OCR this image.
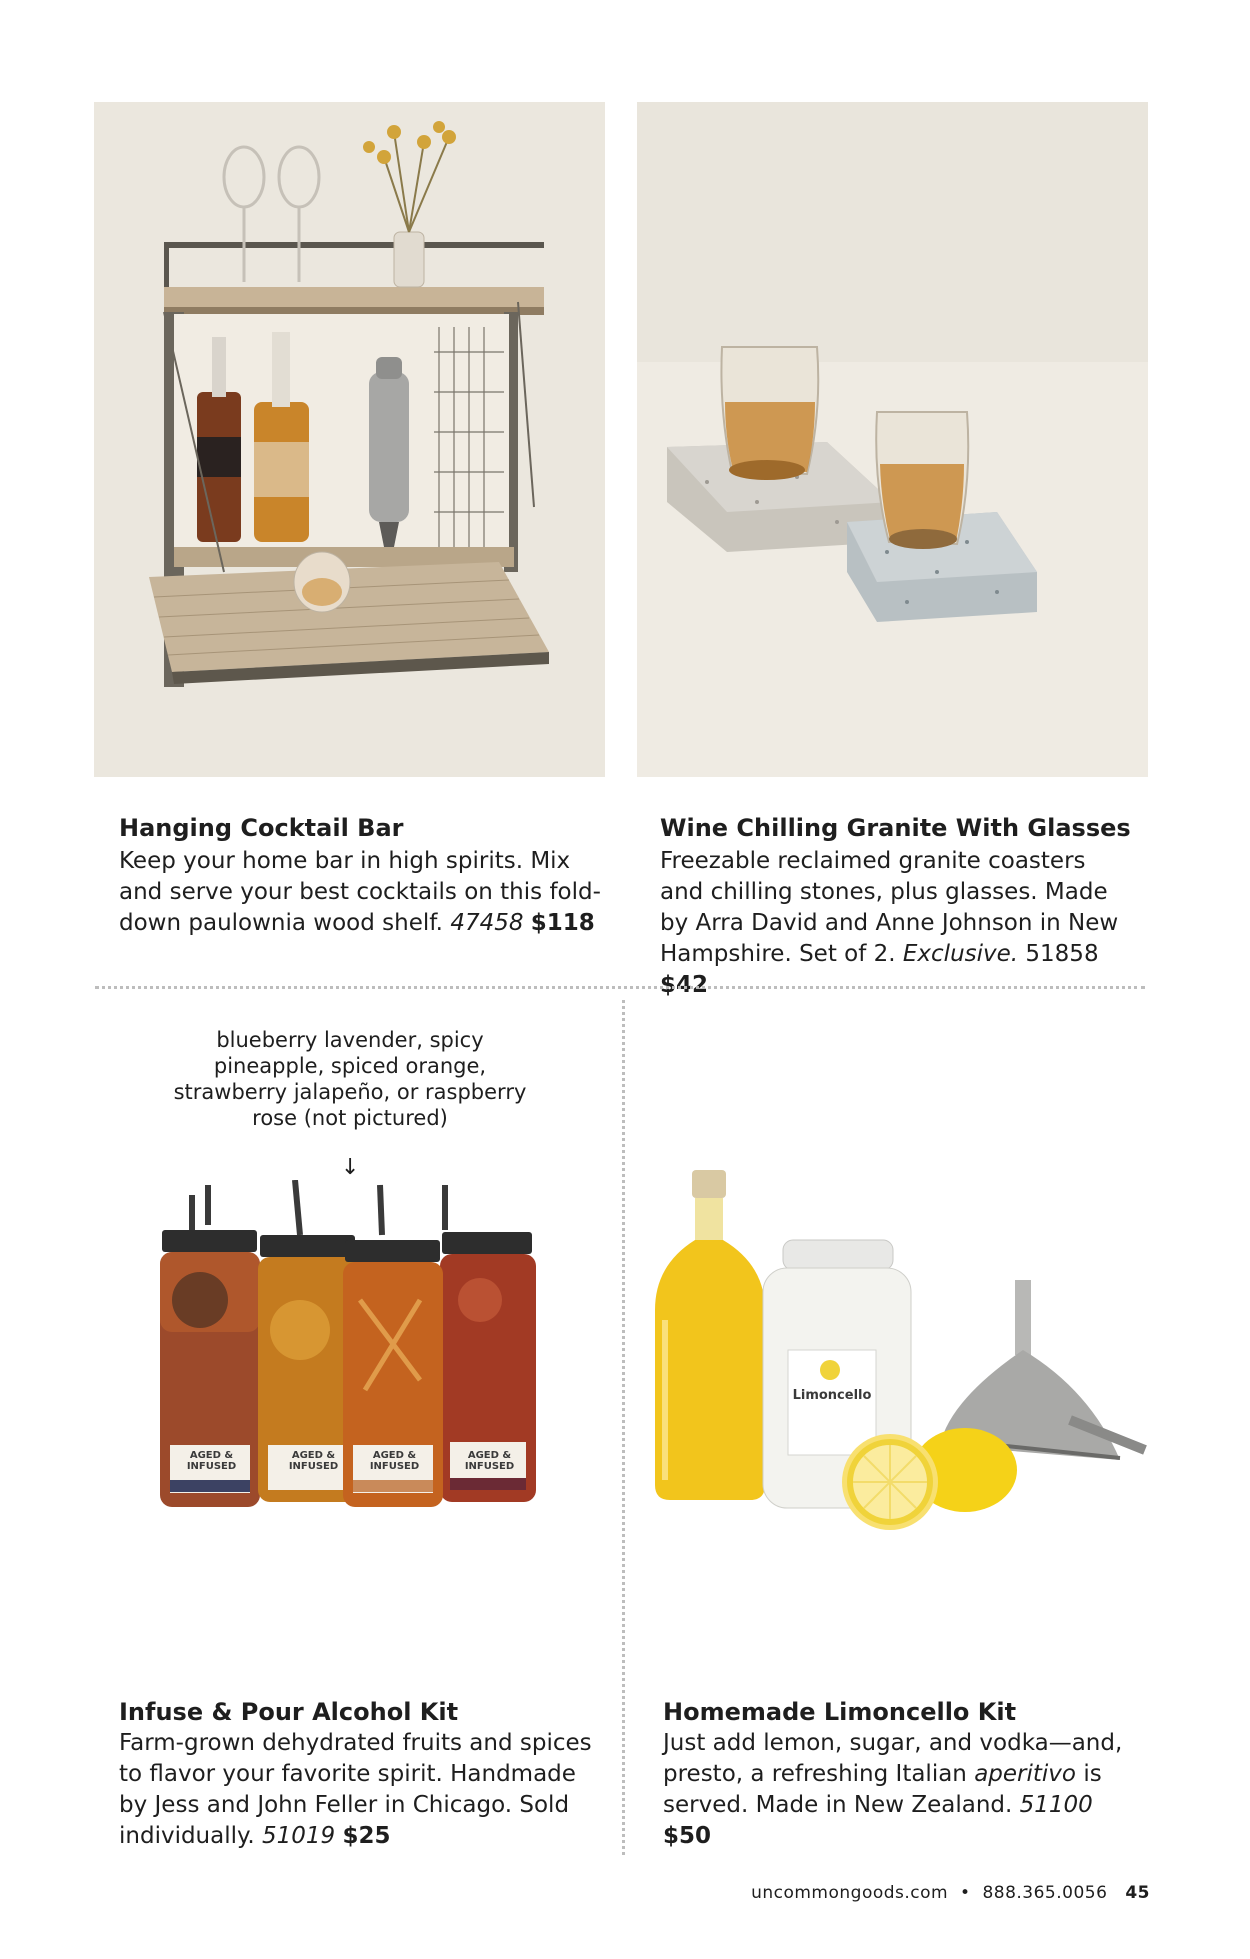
Hanging Cocktail Bar
Keep your home bar in high spirits. Mix and serve your best cocktails on this fold-down paulownia wood shelf. 47458 $118
Wine Chilling Granite With Glasses
Freezable reclaimed granite coasters and chilling stones, plus glasses. Made by Arra David and Anne Johnson in New Hampshire. Set of 2. Exclusive. 51858 $42
blueberry lavender, spicy pineapple, spiced orange, strawberry jalapeño, or raspberry rose (not pictured)
↓
AGED & INFUSED
AGED & INFUSED
AGED & INFUSED
AGED & INFUSED
Limoncello
Infuse & Pour Alcohol Kit
Farm-grown dehydrated fruits and spices to flavor your favorite spirit. Handmade by Jess and John Feller in Chicago. Sold individually. 51019 $25
Homemade Limoncello Kit
Just add lemon, sugar, and vodka—and, presto, a refreshing Italian aperitivo is served. Made in New Zealand. 51100 $50
uncommongoods.com • 888.365.0056 45
